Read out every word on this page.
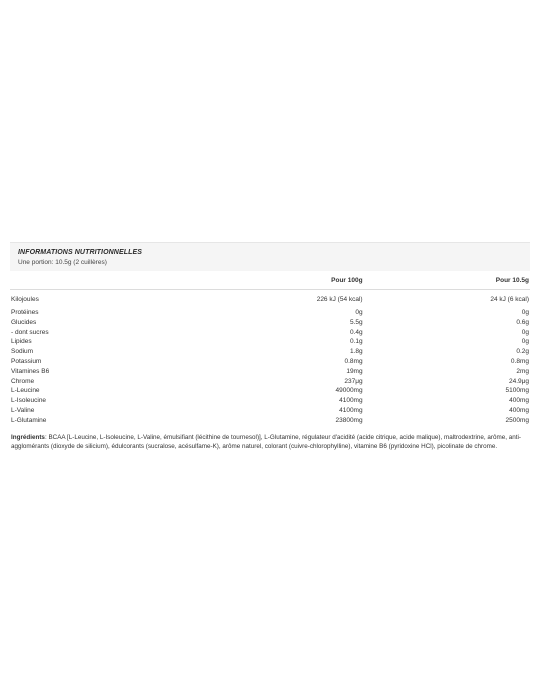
INFORMATIONS NUTRITIONNELLES
Une portion: 10.5g (2 cuillères)
	Pour 100g	Pour 10.5g
Kilojoules	226 kJ (54 kcal)	24 kJ (6 kcal)
Protéines	0g	0g
Glucides	5.5g	0.6g
- dont sucres	0.4g	0g
Lipides	0.1g	0g
Sodium	1.8g	0.2g
Potassium	0.8mg	0.8mg
Vitamines B6	19mg	2mg
Chrome	237μg	24.9μg
L-Leucine	49000mg	5100mg
L-Isoleucine	4100mg	400mg
L-Valine	4100mg	400mg
L-Glutamine	23800mg	2500mg
Ingrédients: BCAA [L-Leucine, L-Isoleucine, L-Valine, émulsifiant (lécithine de tournesol)], L-Glutamine, régulateur d'acidité (acide citrique, acide malique), maltrodextrine, arôme, anti-agglomérants (dioxyde de silicium), édulcorants (sucralose, acésulfame-K), arôme naturel, colorant (cuivre-chlorophylline), vitamine B6 (pyridoxine HCl), picolinate de chrome.
